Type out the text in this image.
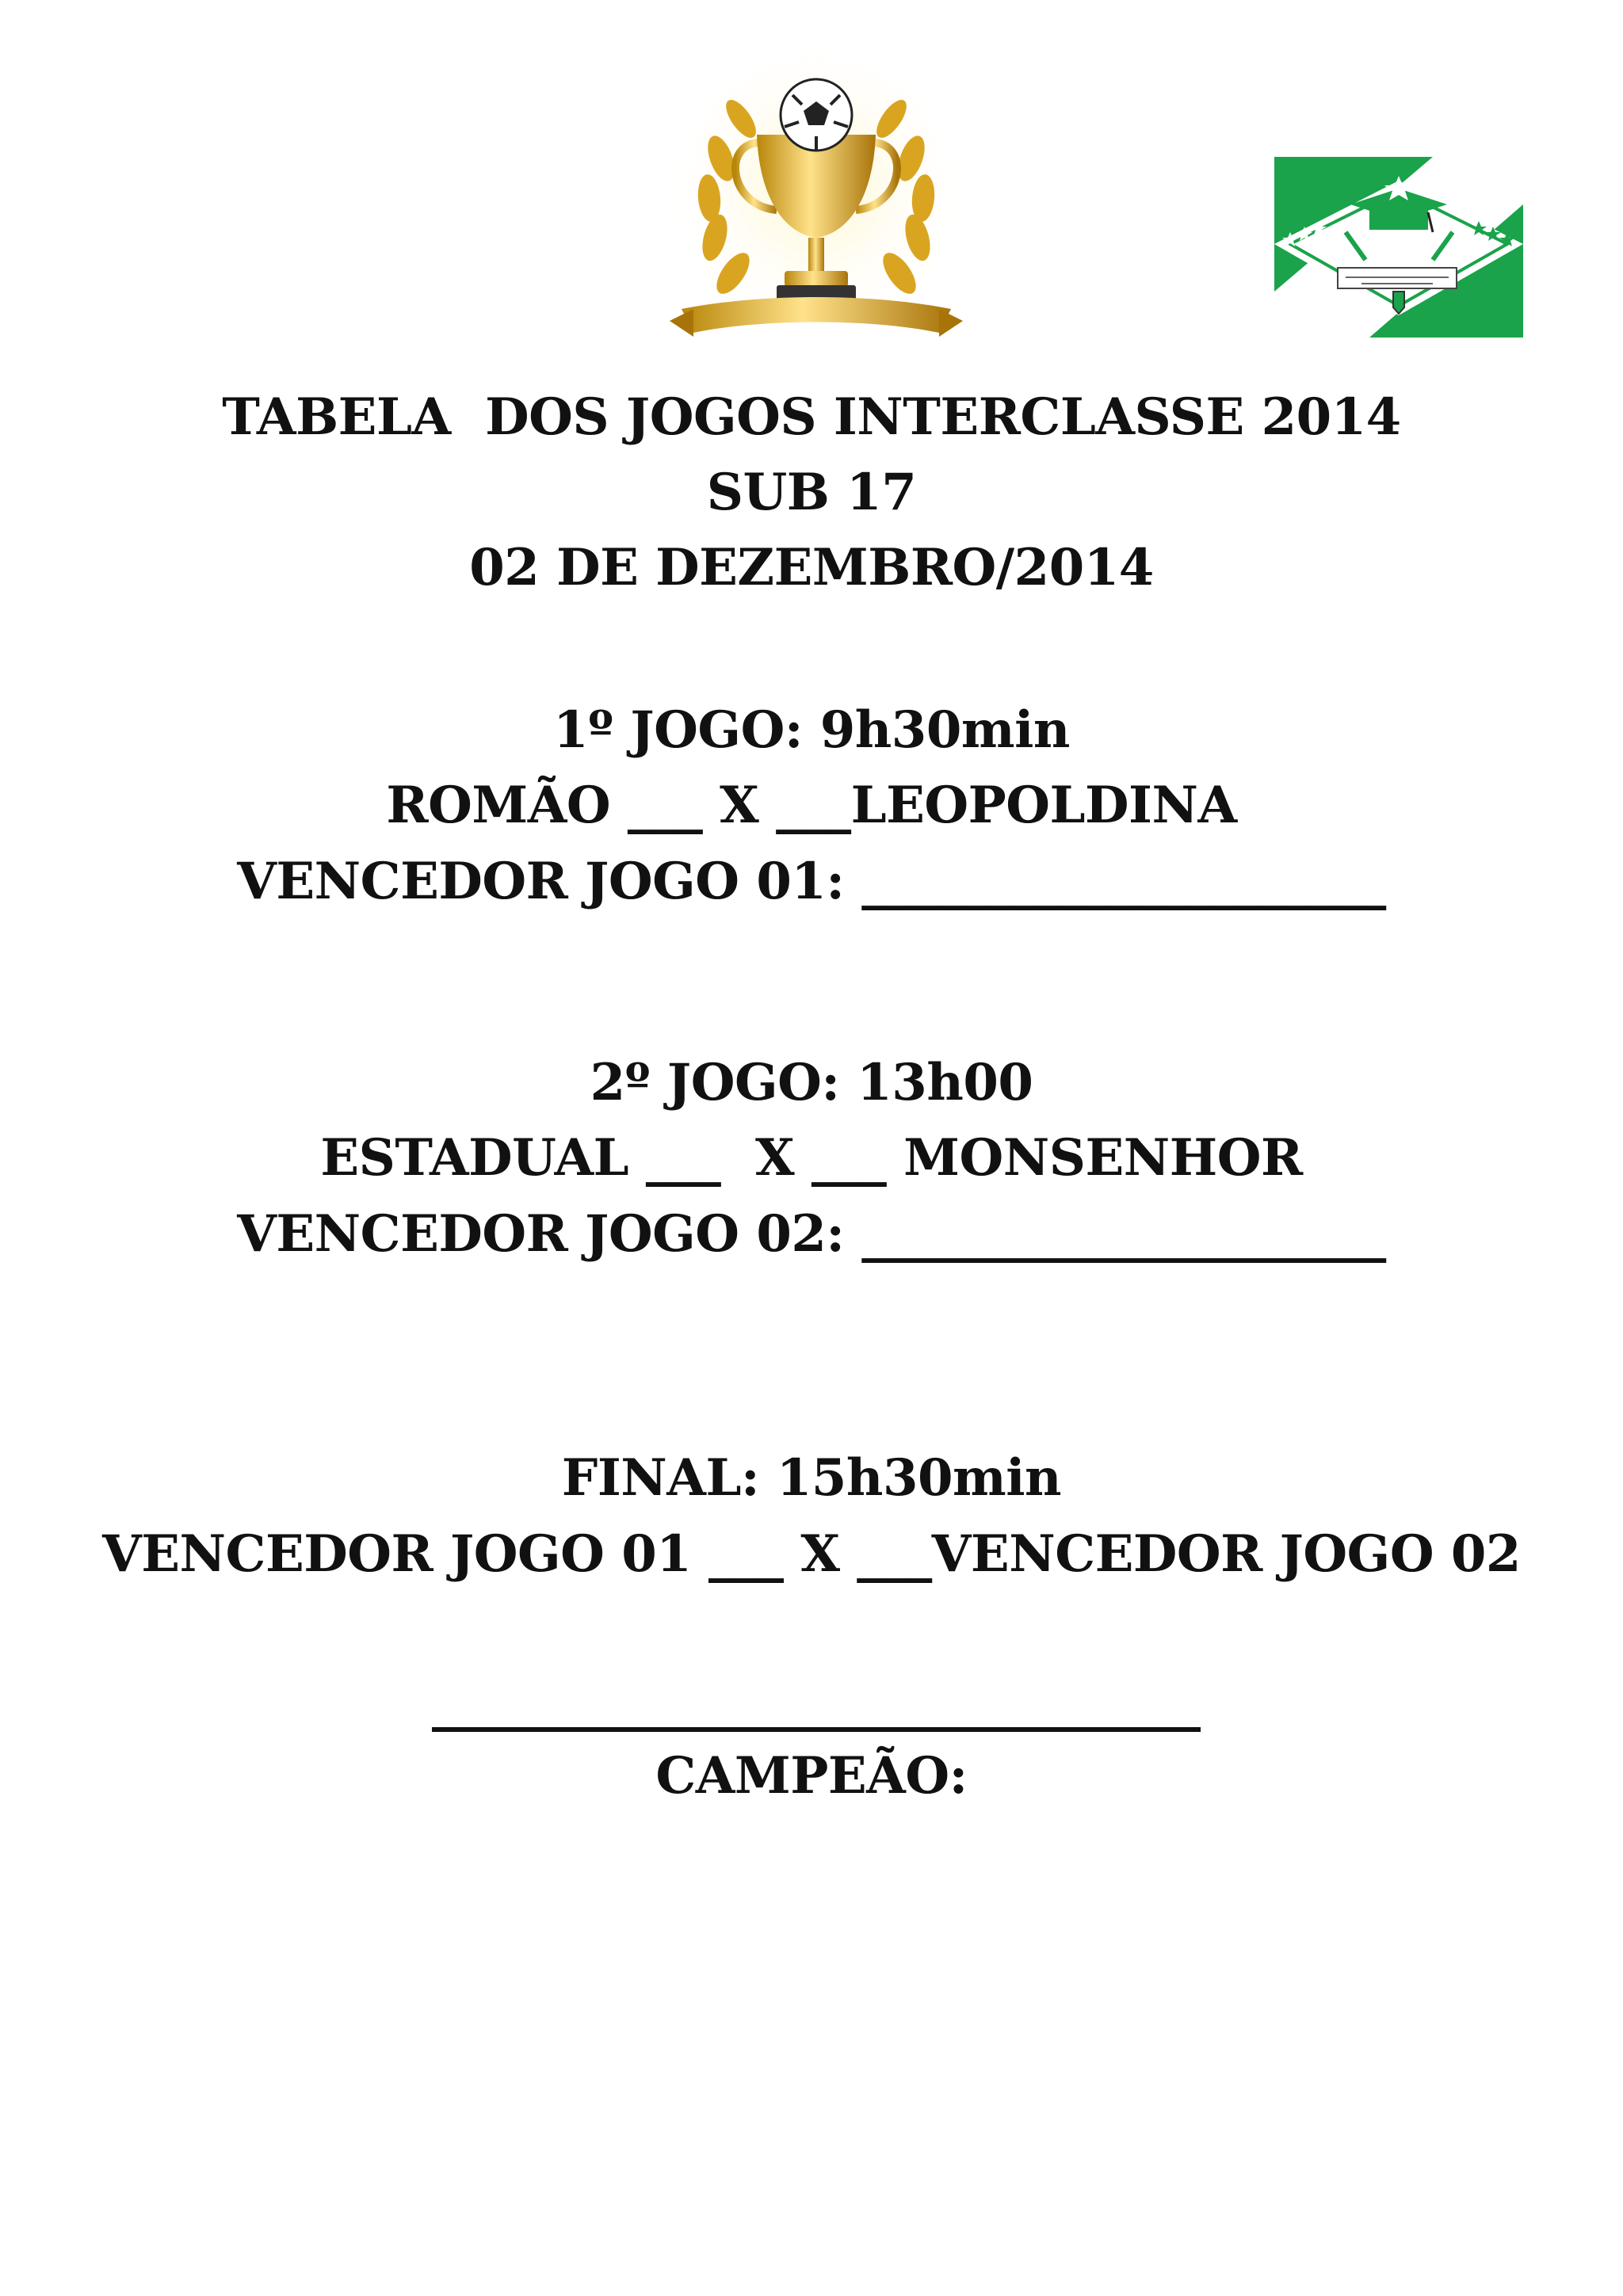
TABELA  DOS JOGOS INTERCLASSE 2014
SUB 17
02 DE DEZEMBRO/2014
1º JOGO: 9h30min
ROMÃO ___ X ___LEOPOLDINA
VENCEDOR JOGO 01: _____________________
2º JOGO: 13h00
ESTADUAL ___  X ___ MONSENHOR
VENCEDOR JOGO 02: _____________________
FINAL: 15h30min
VENCEDOR JOGO 01 ___ X ___VENCEDOR JOGO 02
CAMPEÃO:
